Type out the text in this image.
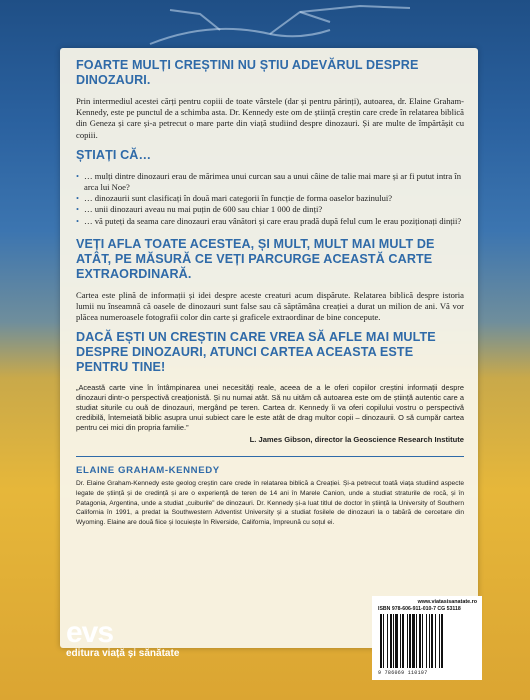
FOARTE MULȚI CREȘTINI NU ȘTIU ADEVĂRUL DESPRE DINOZAURI.
Prin intermediul acestei cărți pentru copiii de toate vârstele (dar și pentru părinți), autoarea, dr. Elaine Graham-Kennedy, este pe punctul de a schimba asta. Dr. Kennedy este om de știință creștin care crede în relatarea biblică din Geneza și care și-a petrecut o mare parte din viață studiind despre dinozauri. Și are multe de împărtășit cu copiii.
ȘTIAȚI CĂ…
• … mulți dintre dinozauri erau de mărimea unui curcan sau a unui câine de talie mai mare și ar fi putut intra în arca lui Noe?
• … dinozaurii sunt clasificați în două mari categorii în funcție de forma oaselor bazinului?
• … unii dinozauri aveau nu mai puțin de 600 sau chiar 1 000 de dinți?
• … vă puteți da seama care dinozauri erau vânători și care erau pradă după felul cum le erau poziționați dinții?
VEȚI AFLA TOATE ACESTEA, ȘI MULT, MULT MAI MULT DE ATÂT, PE MĂSURĂ CE VEȚI PARCURGE ACEASTĂ CARTE EXTRAORDINARĂ.
Cartea este plină de informații și idei despre aceste creaturi acum dispărute. Relatarea biblică despre istoria lumii nu înseamnă că oasele de dinozauri sunt false sau că săptămâna creației a durat un milion de ani. Vă vor plăcea numeroasele fotografii color din carte și graficele extraordinar de bine concepute.
DACĂ EȘTI UN CREȘTIN CARE VREA SĂ AFLE MAI MULTE DESPRE DINOZAURI, ATUNCI CARTEA ACEASTA ESTE PENTRU TINE!
„Această carte vine în întâmpinarea unei necesități reale, aceea de a le oferi copiilor creștini informații despre dinozauri dintr-o perspectivă creaționistă. Și nu numai atât. Să nu uităm că autoarea este om de știință autentic care a studiat siturile cu ouă de dinozauri, mergând pe teren. Cartea dr. Kennedy îi va oferi copilului vostru o perspectivă credibilă, întemeiată biblic asupra unui subiect care le este atât de drag multor copii – dinozaurii. O să cumpăr cartea pentru cei mici din propria familie.”
L. James Gibson, director la Geoscience Research Institute
ELAINE GRAHAM-KENNEDY
Dr. Elaine Graham-Kennedy este geolog creștin care crede în relatarea biblică a Creației. Și-a petrecut toată viața studiind aspecte legate de știință și de credință și are o experiență de teren de 14 ani în Marele Canion, unde a studiat straturile de rocă, și în Patagonia, Argentina, unde a studiat „cuiburile” de dinozauri. Dr. Kennedy și-a luat titlul de doctor în știință la University of Southern California în 1991, a predat la Southwestern Adventist University și a studiat fosilele de dinozauri la o tabără de cercetare din Wyoming. Elaine are două fiice și locuiește în Riverside, California, împreună cu soțul ei.
evs
editura viață și sănătate
www.viatasisanatate.ro
ISBN 978-606-911-010-7 CG 53118
9 786069 110107
